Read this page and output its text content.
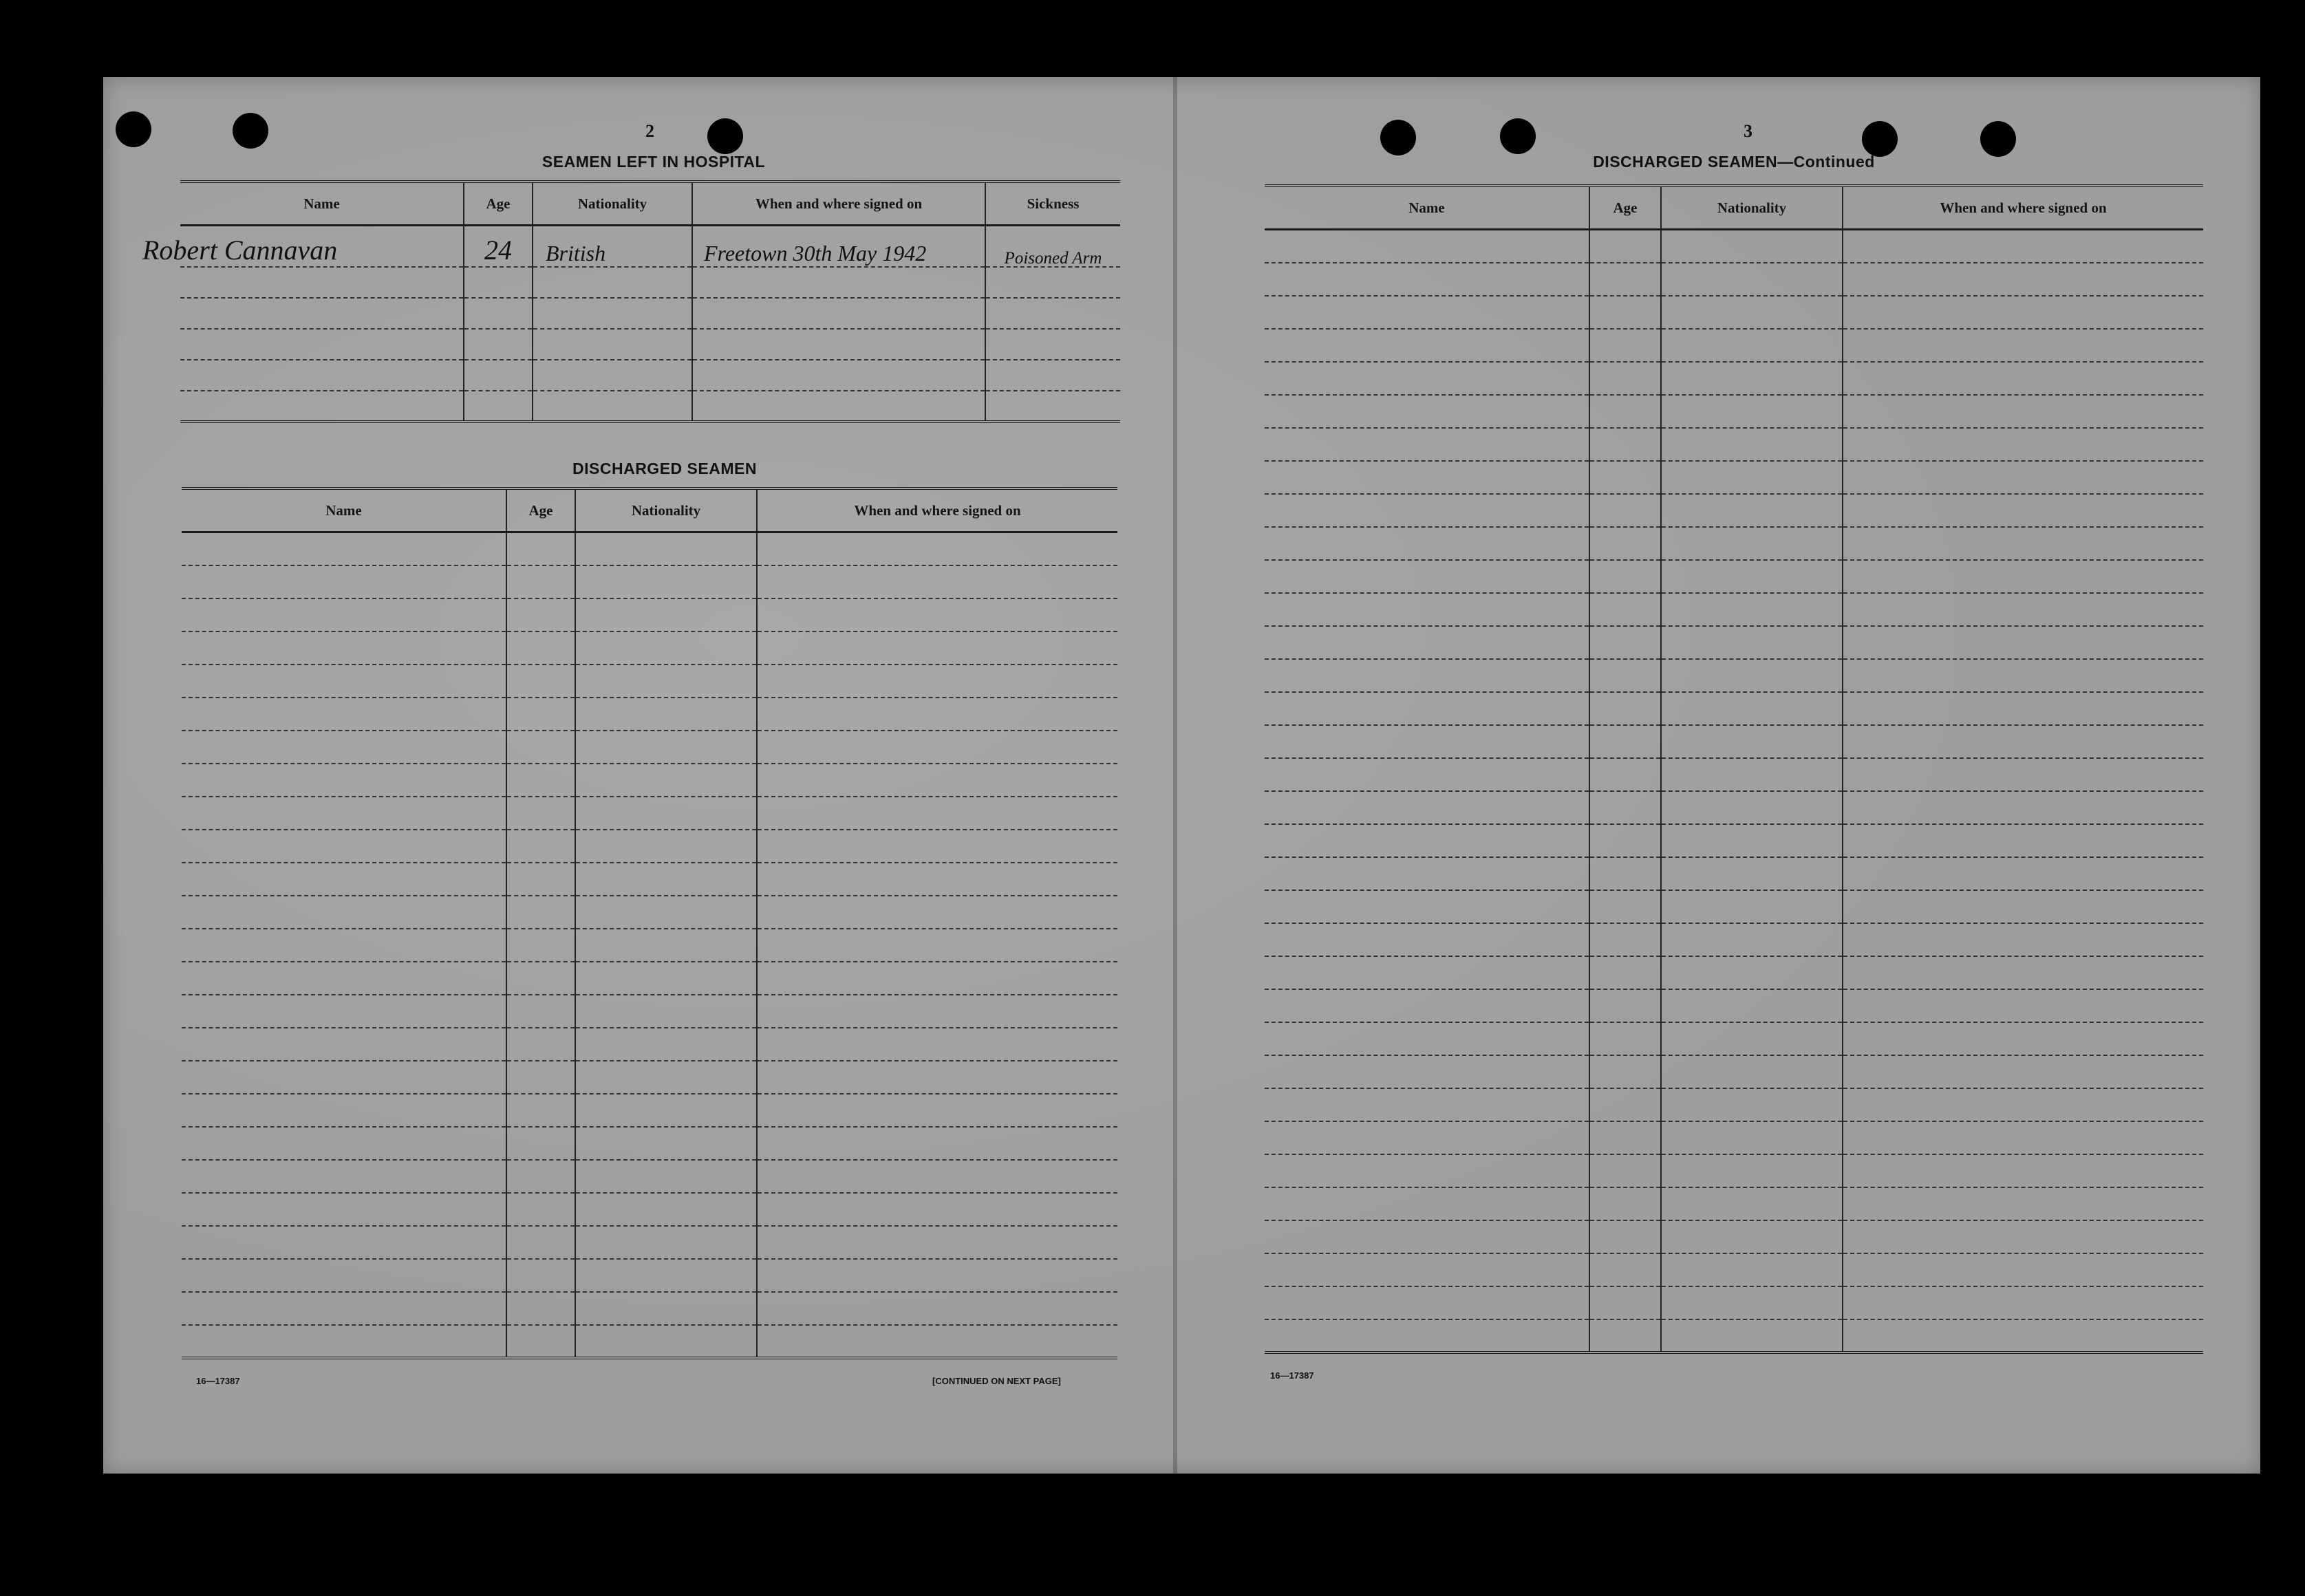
2
SEAMEN LEFT IN HOSPITAL
Name	Age	Nationality	When and where signed on	Sickness
Robert Cannavan	24	British	Freetown 30th May 1942	Poisoned Arm

DISCHARGED SEAMEN
Name	Age	Nationality	When and where signed on

16—17387	[CONTINUED ON NEXT PAGE]
3
DISCHARGED SEAMEN—Continued
Name	Age	Nationality	When and where signed on

16—17387
